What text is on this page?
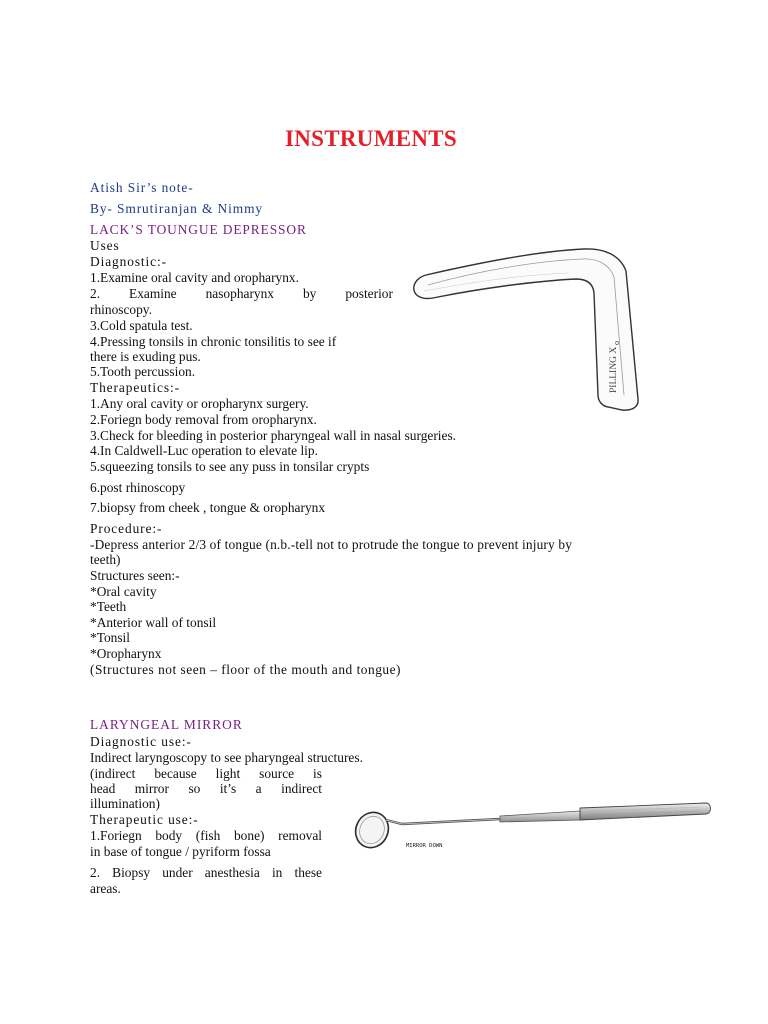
INSTRUMENTS
Atish Sir’s note-
By- Smrutiranjan & Nimmy
LACK’S TOUNGUE DEPRESSOR
Uses
Diagnostic:-
1.Examine oral cavity and oropharynx.
2. Examine nasopharynx by posterior
rhinoscopy.
3.Cold spatula test.
4.Pressing tonsils in chronic tonsilitis to see if
there is exuding pus.
5.Tooth percussion.
Therapeutics:-
1.Any oral cavity or oropharynx surgery.
2.Foriegn body removal from oropharynx.
3.Check for bleeding in posterior pharyngeal wall in nasal surgeries.
4.In Caldwell-Luc operation to elevate lip.
5.squeezing tonsils to see any puss in tonsilar crypts
6.post rhinoscopy
7.biopsy from cheek , tongue & oropharynx
Procedure:-
-Depress anterior 2/3 of tongue (n.b.-tell not to protrude the tongue to prevent injury by
teeth)
Structures seen:-
*Oral cavity
*Teeth
*Anterior wall of tonsil
*Tonsil
*Oropharynx
(Structures not seen – floor of the mouth and tongue)
PILLING X
o
LARYNGEAL MIRROR
Diagnostic use:-
Indirect laryngoscopy to see pharyngeal structures.
(indirect because light source is
head mirror so it’s a indirect
illumination)
Therapeutic use:-
1.Foriegn body (fish bone) removal
in base of tongue / pyriform fossa
2. Biopsy under anesthesia in these
areas.
MIRROR DOWN
